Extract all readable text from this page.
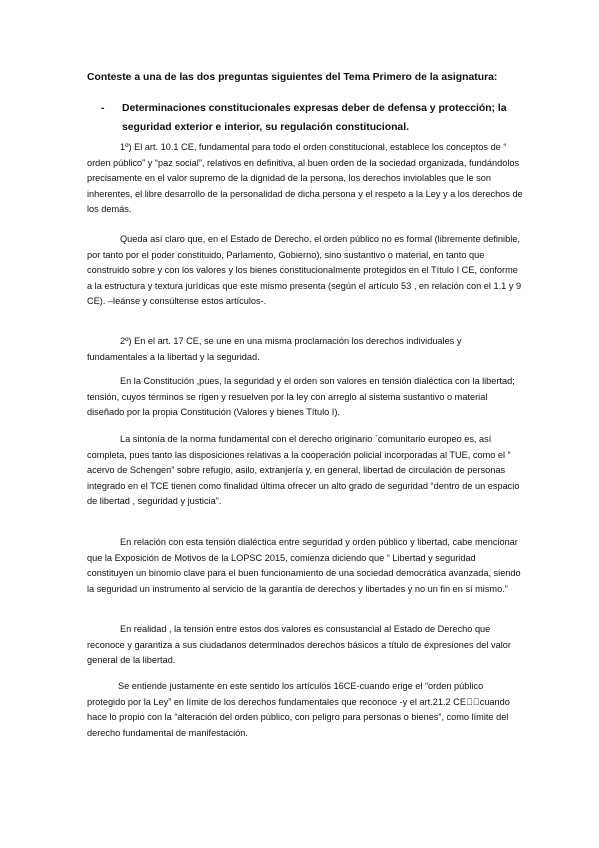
Conteste a una de las dos preguntas siguientes del Tema Primero de la asignatura:
- Determinaciones constitucionales expresas deber de defensa y protección; la seguridad exterior e interior, su regulación constitucional.

1º) El art. 10.1 CE, fundamental para todo el orden constitucional, establece los conceptos de “ orden público” y “paz social”, relativos en definitiva, al buen orden de la sociedad organizada, fundándolos precisamente en el valor supremo de la dignidad de la persona, los derechos inviolables que le son inherentes, el libre desarrollo de la personalidad de dicha persona y el respeto a la Ley y a los derechos de los demás.

Queda así claro que, en el Estado de Derecho, el orden público no es formal (libremente definible, por tanto por el poder constituido, Parlamento, Gobierno), sino sustantivo o material, en tanto que construido sobre y con los valores y los bienes constitucionalmente protegidos en el Título I CE, conforme a la estructura y textura jurídicas que este mismo presenta (según el artículo 53 , en relación con el 1.1 y 9 CE). –leánse y consúltense estos artículos-.

2º) En el art. 17 CE, se une en una misma proclamación los derechos individuales y fundamentales a la libertad y la seguridad.

En la Constitución ,pues, la seguridad y el orden son valores en tensión dialéctica con la libertad; tensión, cuyos términos se rigen y resuelven por la ley con arreglo al sistema sustantivo o material diseñado por la propia Constitución (Valores y bienes Título I).

La sintonía de la norma fundamental con el derecho originario `comunitario europeo es, así completa, pues tanto las disposiciones relativas a la cooperación policial incorporadas al TUE, como el “ acervo de Schengen” sobre refugio, asilo, extranjería y, en general, libertad de circulación de personas integrado en el TCE tienen como finalidad última ofrecer un alto grado de seguridad “dentro de un espacio de libertad , seguridad y justicia”.

En relación con esta tensión dialéctica entre seguridad y orden público y libertad, cabe mencionar que la Exposición de Motivos de la LOPSC 2015, comienza diciendo que “ Libertad y seguridad constituyen un binomio clave para el buen funcionamiento de una sociedad democrática avanzada, siendo la seguridad un instrumento al servicio de la garantía de derechos y libertades y no un fin en sí mismo.”

En realidad , la tensión entre estos dos valores es consustancial al Estado de Derecho que reconoce y garantiza a sus ciudadanos determinados derechos básicos a título de expresiones del valor general de la libertad.

Se entiende justamente en este sentido los artículos 16CE-cuando erige el “orden público protegido por la Ley” en límite de los derechos fundamentales que reconoce -y el art.21.2 CE  cuando hace lo propio con la “alteración del orden público, con peligro para personas o bienes”, como límite del derecho fundamental de manifestación.
